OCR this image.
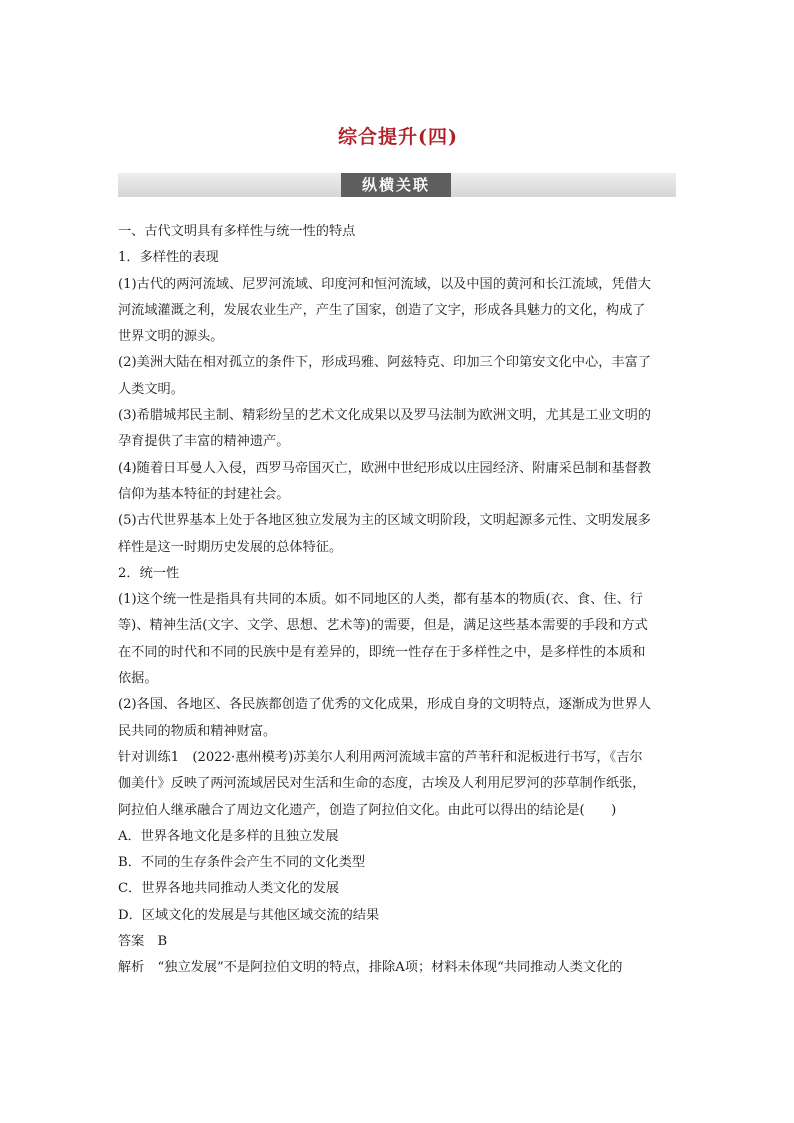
综合提升(四)
纵横关联

一、古代文明具有多样性与统一性的特点

1．多样性的表现

(1)古代的两河流域、尼罗河流域、印度河和恒河流域，以及中国的黄河和长江流域，凭借大

河流域灌溉之利，发展农业生产，产生了国家，创造了文字，形成各具魅力的文化，构成了

世界文明的源头。

(2)美洲大陆在相对孤立的条件下，形成玛雅、阿兹特克、印加三个印第安文化中心，丰富了

人类文明。

(3)希腊城邦民主制、精彩纷呈的艺术文化成果以及罗马法制为欧洲文明，尤其是工业文明的

孕育提供了丰富的精神遗产。

(4)随着日耳曼人入侵，西罗马帝国灭亡，欧洲中世纪形成以庄园经济、附庸采邑制和基督教

信仰为基本特征的封建社会。

(5)古代世界基本上处于各地区独立发展为主的区域文明阶段，文明起源多元性、文明发展多

样性是这一时期历史发展的总体特征。

2．统一性

(1)这个统一性是指具有共同的本质。如不同地区的人类，都有基本的物质(衣、食、住、行

等)、精神生活(文字、文学、思想、艺术等)的需要，但是，满足这些基本需要的手段和方式

在不同的时代和不同的民族中是有差异的，即统一性存在于多样性之中，是多样性的本质和

依据。

(2)各国、各地区、各民族都创造了优秀的文化成果，形成自身的文明特点，逐渐成为世界人

民共同的物质和精神财富。

针对训练1　(2022·惠州模考)苏美尔人利用两河流域丰富的芦苇秆和泥板进行书写，《吉尔

伽美什》反映了两河流域居民对生活和生命的态度，古埃及人利用尼罗河的莎草制作纸张，

阿拉伯人继承融合了周边文化遗产，创造了阿拉伯文化。由此可以得出的结论是(　　)

A．世界各地文化是多样的且独立发展

B．不同的生存条件会产生不同的文化类型

C．世界各地共同推动人类文化的发展

D．区域文化的发展是与其他区域交流的结果

答案　B

解析　“独立发展”不是阿拉伯文明的特点，排除A项；材料未体现“共同推动人类文化的
